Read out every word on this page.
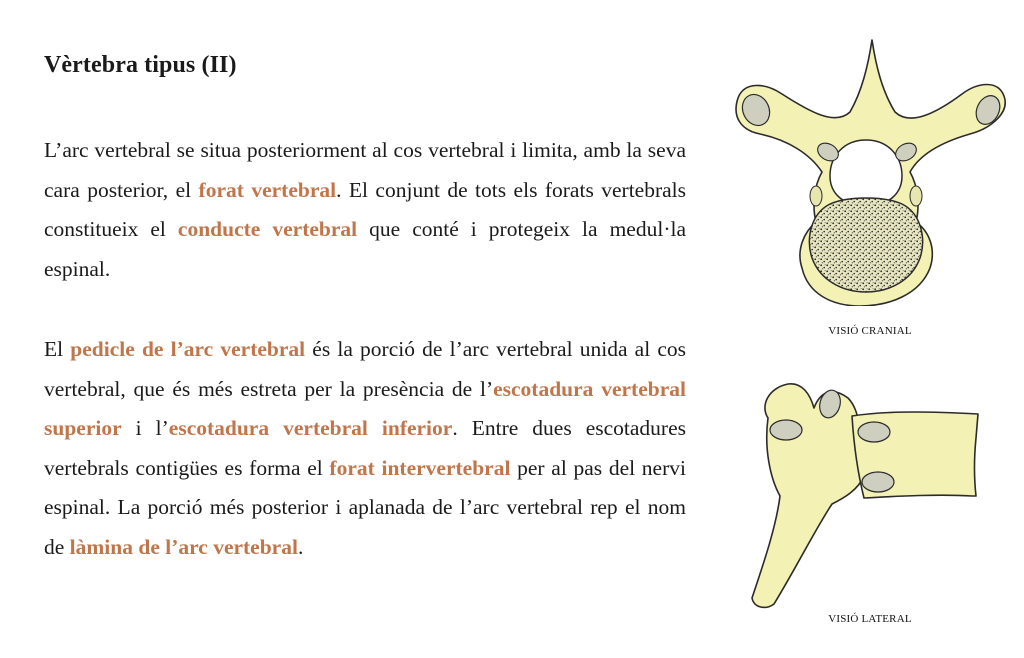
Vèrtebra tipus (II)

L’arc vertebral se situa posteriorment al cos vertebral i limita, amb la seva cara posterior, el forat vertebral. El conjunt de tots els forats vertebrals constitueix el conducte vertebral que conté i protegeix la medul·la espinal.

El pedicle de l’arc vertebral és la porció de l’arc vertebral unida al cos vertebral, que és més estreta per la presència de l’escotadura vertebral superior i l’escotadura vertebral inferior. Entre dues escotadures vertebrals contigües es forma el forat intervertebral per al pas del nervi espinal. La porció més posterior i aplanada de l’arc vertebral rep el nom de làmina de l’arc vertebral.

VISIÓ CRANIAL
VISIÓ LATERAL
